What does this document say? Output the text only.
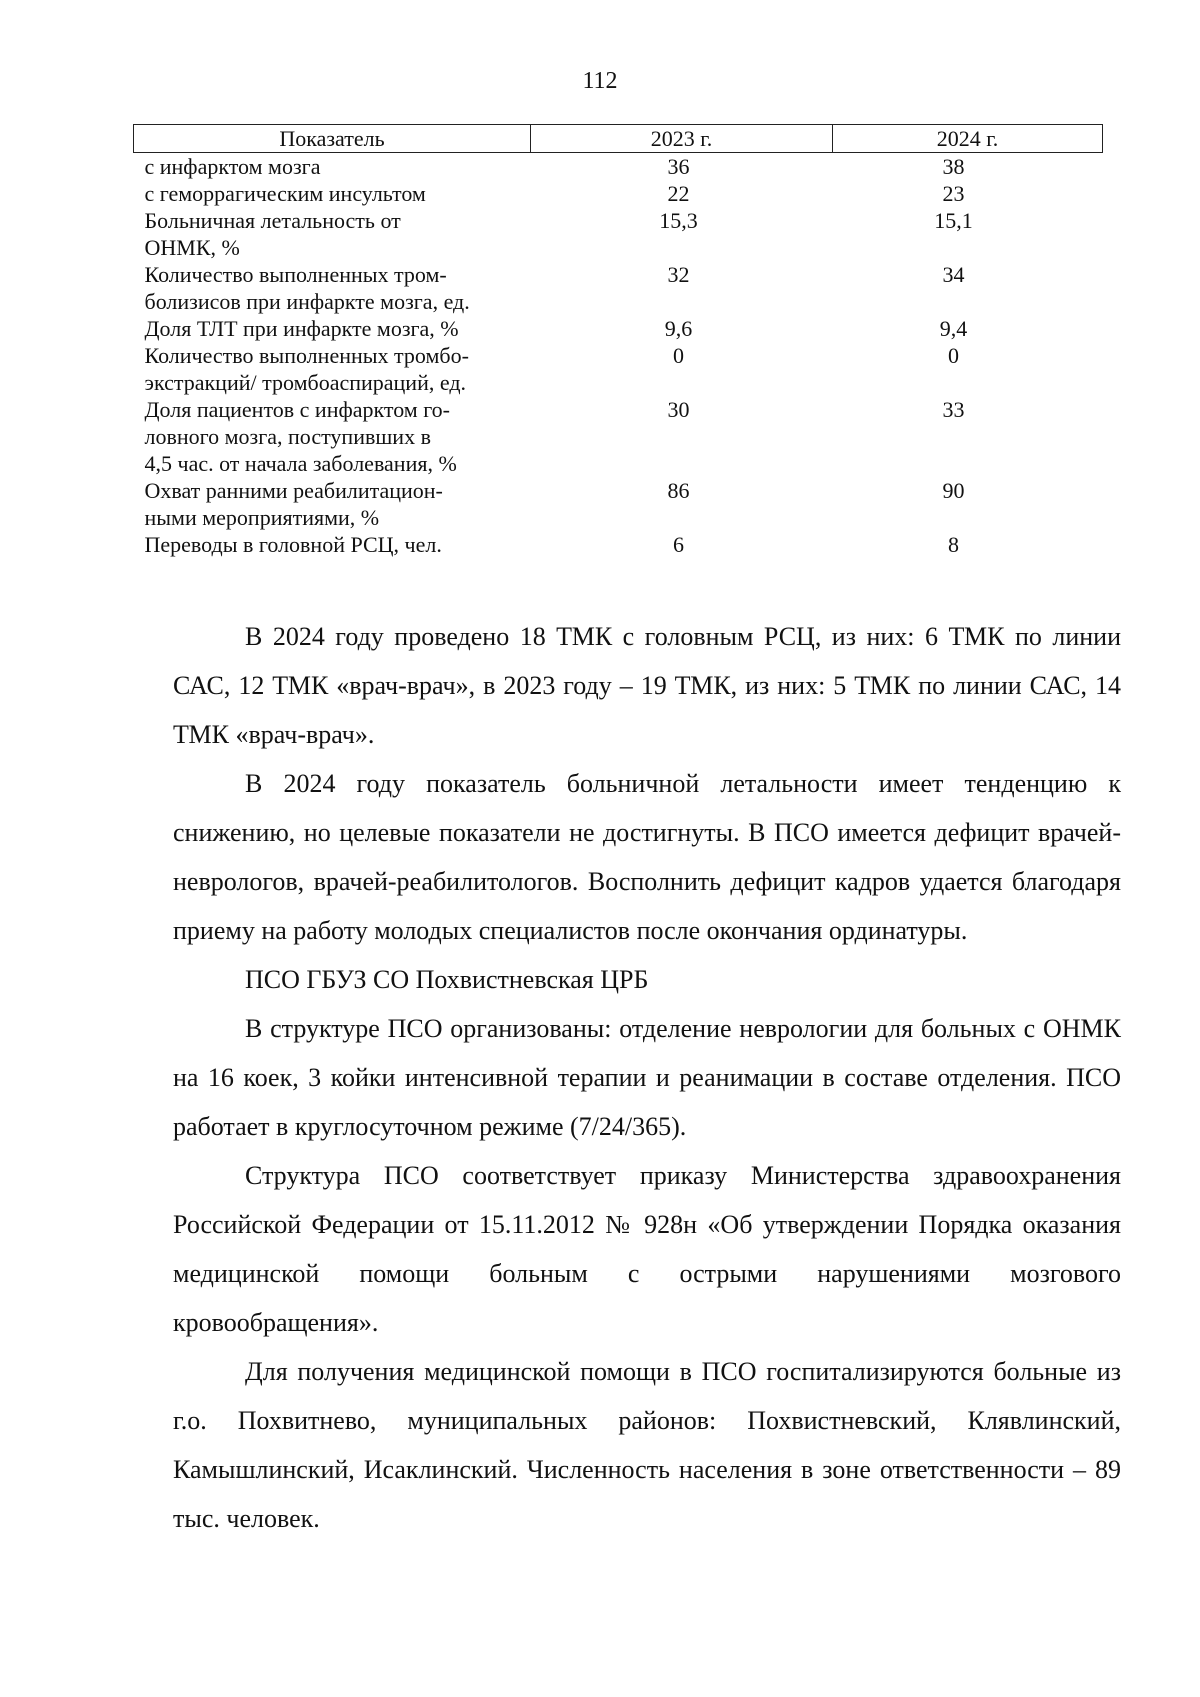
112
Показатель	2023 г.	2024 г.
с инфарктом мозга	36	38
с геморрагическим инсультом	22	23
Больничная летальность от
ОНМК, %	15,3	15,1
Количество выполненных тром-
болизисов при инфаркте мозга, ед.	32	34
Доля ТЛТ при инфаркте мозга, %	9,6	9,4
Количество выполненных тромбо-
экстракций/ тромбоаспираций, ед.	0	0
Доля пациентов с инфарктом го-
ловного мозга, поступивших в
4,5 час. от начала заболевания, %	30	33
Охват ранними реабилитацион-
ными мероприятиями, %	86	90
Переводы в головной РСЦ, чел.	6	8

В 2024 году проведено 18 ТМК с головным РСЦ, из них: 6 ТМК по линии САС, 12 ТМК «врач-врач», в 2023 году – 19 ТМК, из них: 5 ТМК по линии САС, 14 ТМК «врач-врач».

В 2024 году показатель больничной летальности имеет тенденцию к снижению, но целевые показатели не достигнуты. В ПСО имеется дефицит врачей-неврологов, врачей-реабилитологов. Восполнить дефицит кадров удается благодаря приему на работу молодых специалистов после окончания ординатуры.

ПСО ГБУЗ СО Похвистневская ЦРБ

В структуре ПСО организованы: отделение неврологии для больных с ОНМК на 16 коек, 3 койки интенсивной терапии и реанимации в составе отделения. ПСО работает в круглосуточном режиме (7/24/365).

Структура ПСО соответствует приказу Министерства здравоохранения Российской Федерации от 15.11.2012 № 928н «Об утверждении Порядка оказания медицинской помощи больным с острыми нарушениями мозгового кровообращения».

Для получения медицинской помощи в ПСО госпитализируются больные из г.о. Похвитнево, муниципальных районов: Похвистневский, Клявлинский, Камышлинский, Исаклинский. Численность населения в зоне ответственности – 89 тыс. человек.
